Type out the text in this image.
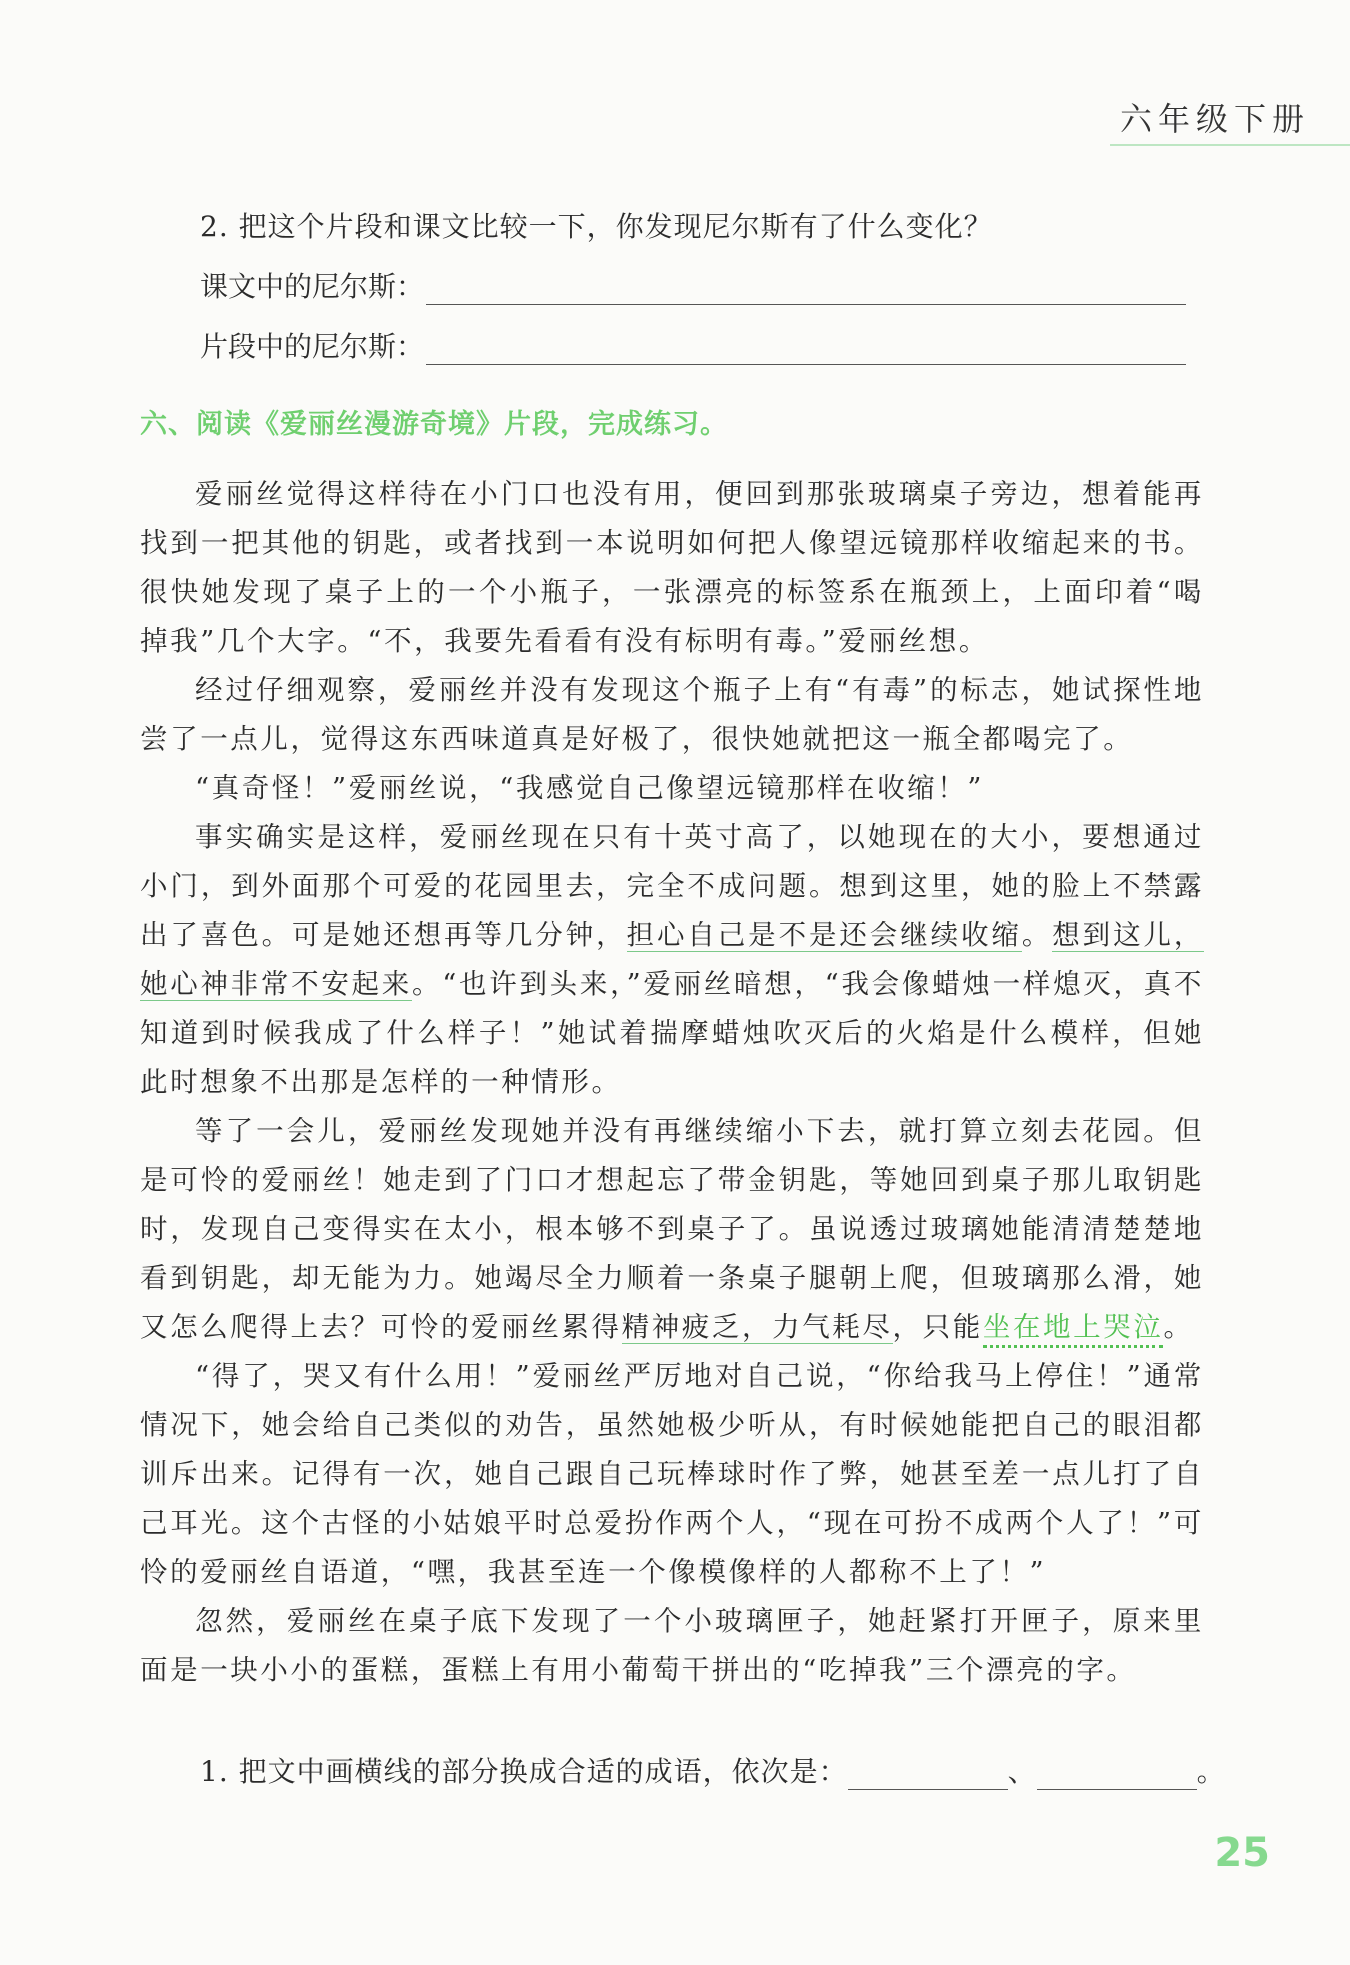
六年级下册
2. 把这个片段和课文比较一下，你发现尼尔斯有了什么变化？
课文中的尼尔斯：
片段中的尼尔斯：
六、阅读《爱丽丝漫游奇境》片段，完成练习。

爱丽丝觉得这样待在小门口也没有用，便回到那张玻璃桌子旁边，想着能再找到一把其他的钥匙，或者找到一本说明如何把人像望远镜那样收缩起来的书。很快她发现了桌子上的一个小瓶子，一张漂亮的标签系在瓶颈上，上面印着“喝掉我”几个大字。“不，我要先看看有没有标明有毒。”爱丽丝想。

经过仔细观察，爱丽丝并没有发现这个瓶子上有“有毒”的标志，她试探性地尝了一点儿，觉得这东西味道真是好极了，很快她就把这一瓶全都喝完了。

“真奇怪！”爱丽丝说，“我感觉自己像望远镜那样在收缩！”

事实确实是这样，爱丽丝现在只有十英寸高了，以她现在的大小，要想通过小门，到外面那个可爱的花园里去，完全不成问题。想到这里，她的脸上不禁露出了喜色。可是她还想再等几分钟，担心自己是不是还会继续收缩。想到这儿，她心神非常不安起来。“也许到头来，”爱丽丝暗想，“我会像蜡烛一样熄灭，真不知道到时候我成了什么样子！”她试着揣摩蜡烛吹灭后的火焰是什么模样，但她此时想象不出那是怎样的一种情形。

等了一会儿，爱丽丝发现她并没有再继续缩小下去，就打算立刻去花园。但是可怜的爱丽丝！她走到了门口才想起忘了带金钥匙，等她回到桌子那儿取钥匙时，发现自己变得实在太小，根本够不到桌子了。虽说透过玻璃她能清清楚楚地看到钥匙，却无能为力。她竭尽全力顺着一条桌子腿朝上爬，但玻璃那么滑，她又怎么爬得上去？可怜的爱丽丝累得精神疲乏，力气耗尽，只能坐在地上哭泣。

“得了，哭又有什么用！”爱丽丝严厉地对自己说，“你给我马上停住！”通常情况下，她会给自己类似的劝告，虽然她极少听从，有时候她能把自己的眼泪都训斥出来。记得有一次，她自己跟自己玩棒球时作了弊，她甚至差一点儿打了自己耳光。这个古怪的小姑娘平时总爱扮作两个人，“现在可扮不成两个人了！”可怜的爱丽丝自语道，“嘿，我甚至连一个像模像样的人都称不上了！”

忽然，爱丽丝在桌子底下发现了一个小玻璃匣子，她赶紧打开匣子，原来里面是一块小小的蛋糕，蛋糕上有用小葡萄干拼出的“吃掉我”三个漂亮的字。

1. 把文中画横线的部分换成合适的成语，依次是：	、	。
25
